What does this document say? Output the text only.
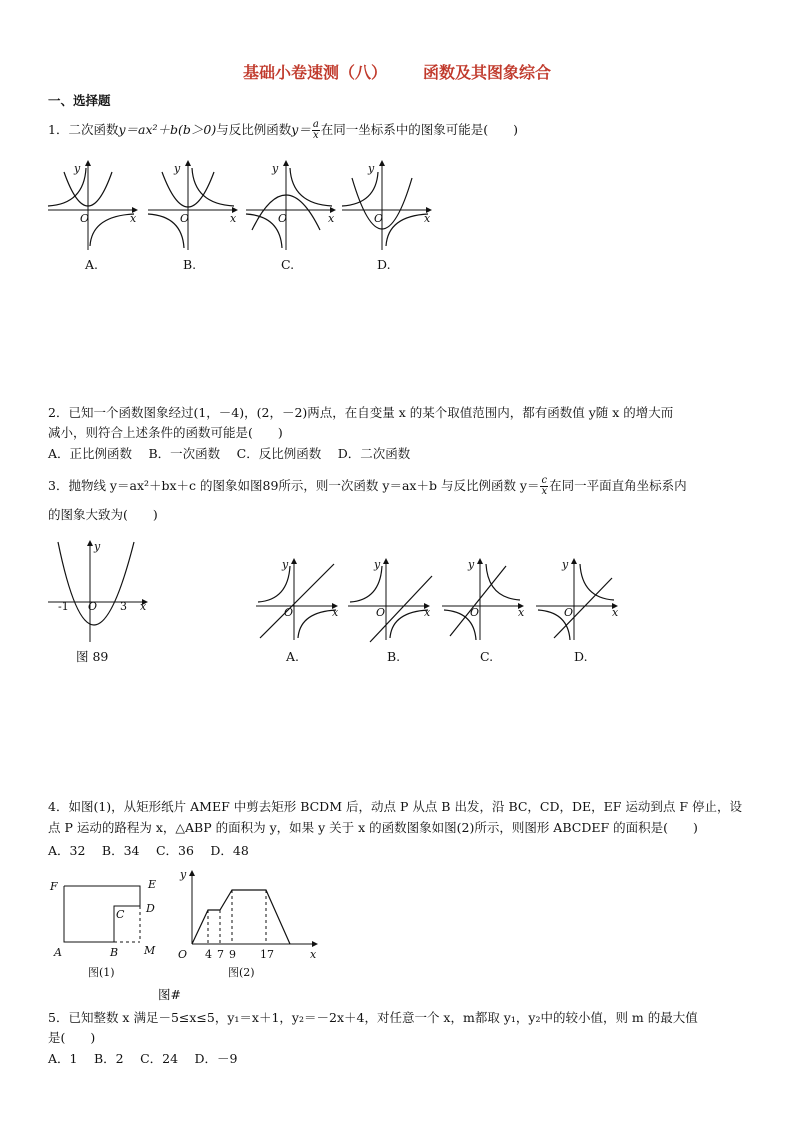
基础小卷速测（八） 函数及其图象综合
一、选择题
1．二次函数y＝ax²＋b(b＞0)与反比例函数$y= \frac{a}{x}$ 在同一坐标系中的图象可能是(　　)
y
O	x
A.
y
O	x
B.
y
O	x
C.
y
O	x
D.
2．已知一个函数图象经过(1，－4)，(2，－2)两点，在自变量 x 的某个取值范围内，都有函数值 y随 x 的增大而
减小，则符合上述条件的函数可能是(　　)
A．正比例函数　 B．一次函数　 C．反比例函数　 D．二次函数
3．抛物线 y＝ax²＋bx＋c 的图象如图89所示，则一次函数 y＝ax＋b 与反比例函数 $y= \frac{c}{x}$ 在同一平面直角坐标系内
的图象大致为(　　)
y
-1 O 3 x
图 89
y
O	x
A.
y
O	x
B.
y
O	x
C.
y
O	x
D.
4．如图(1)，从矩形纸片 AMEF 中剪去矩形 BCDM 后，动点 P 从点 B 出发，沿 BC，CD，DE，EF 运动到点 F 停止，设
点 P 运动的路程为 x，△ABP 的面积为 y，如果 y 关于 x 的函数图象如图(2)所示，则图形 ABCDEF 的面积是(　　)
A．32　 B．34　 C．36　 D．48
F	E
C D
A	B M
图(1)
y
O 4 7 9 17	x
图(2)
图#
5．已知整数 x 满足－5≤x≤5，y₁＝x＋1，y₂＝－2x＋4，对任意一个 x，m都取 y₁，y₂中的较小值，则 m 的最大值
是(　　)
A．1　 B．2　 C．24　 D．－9
